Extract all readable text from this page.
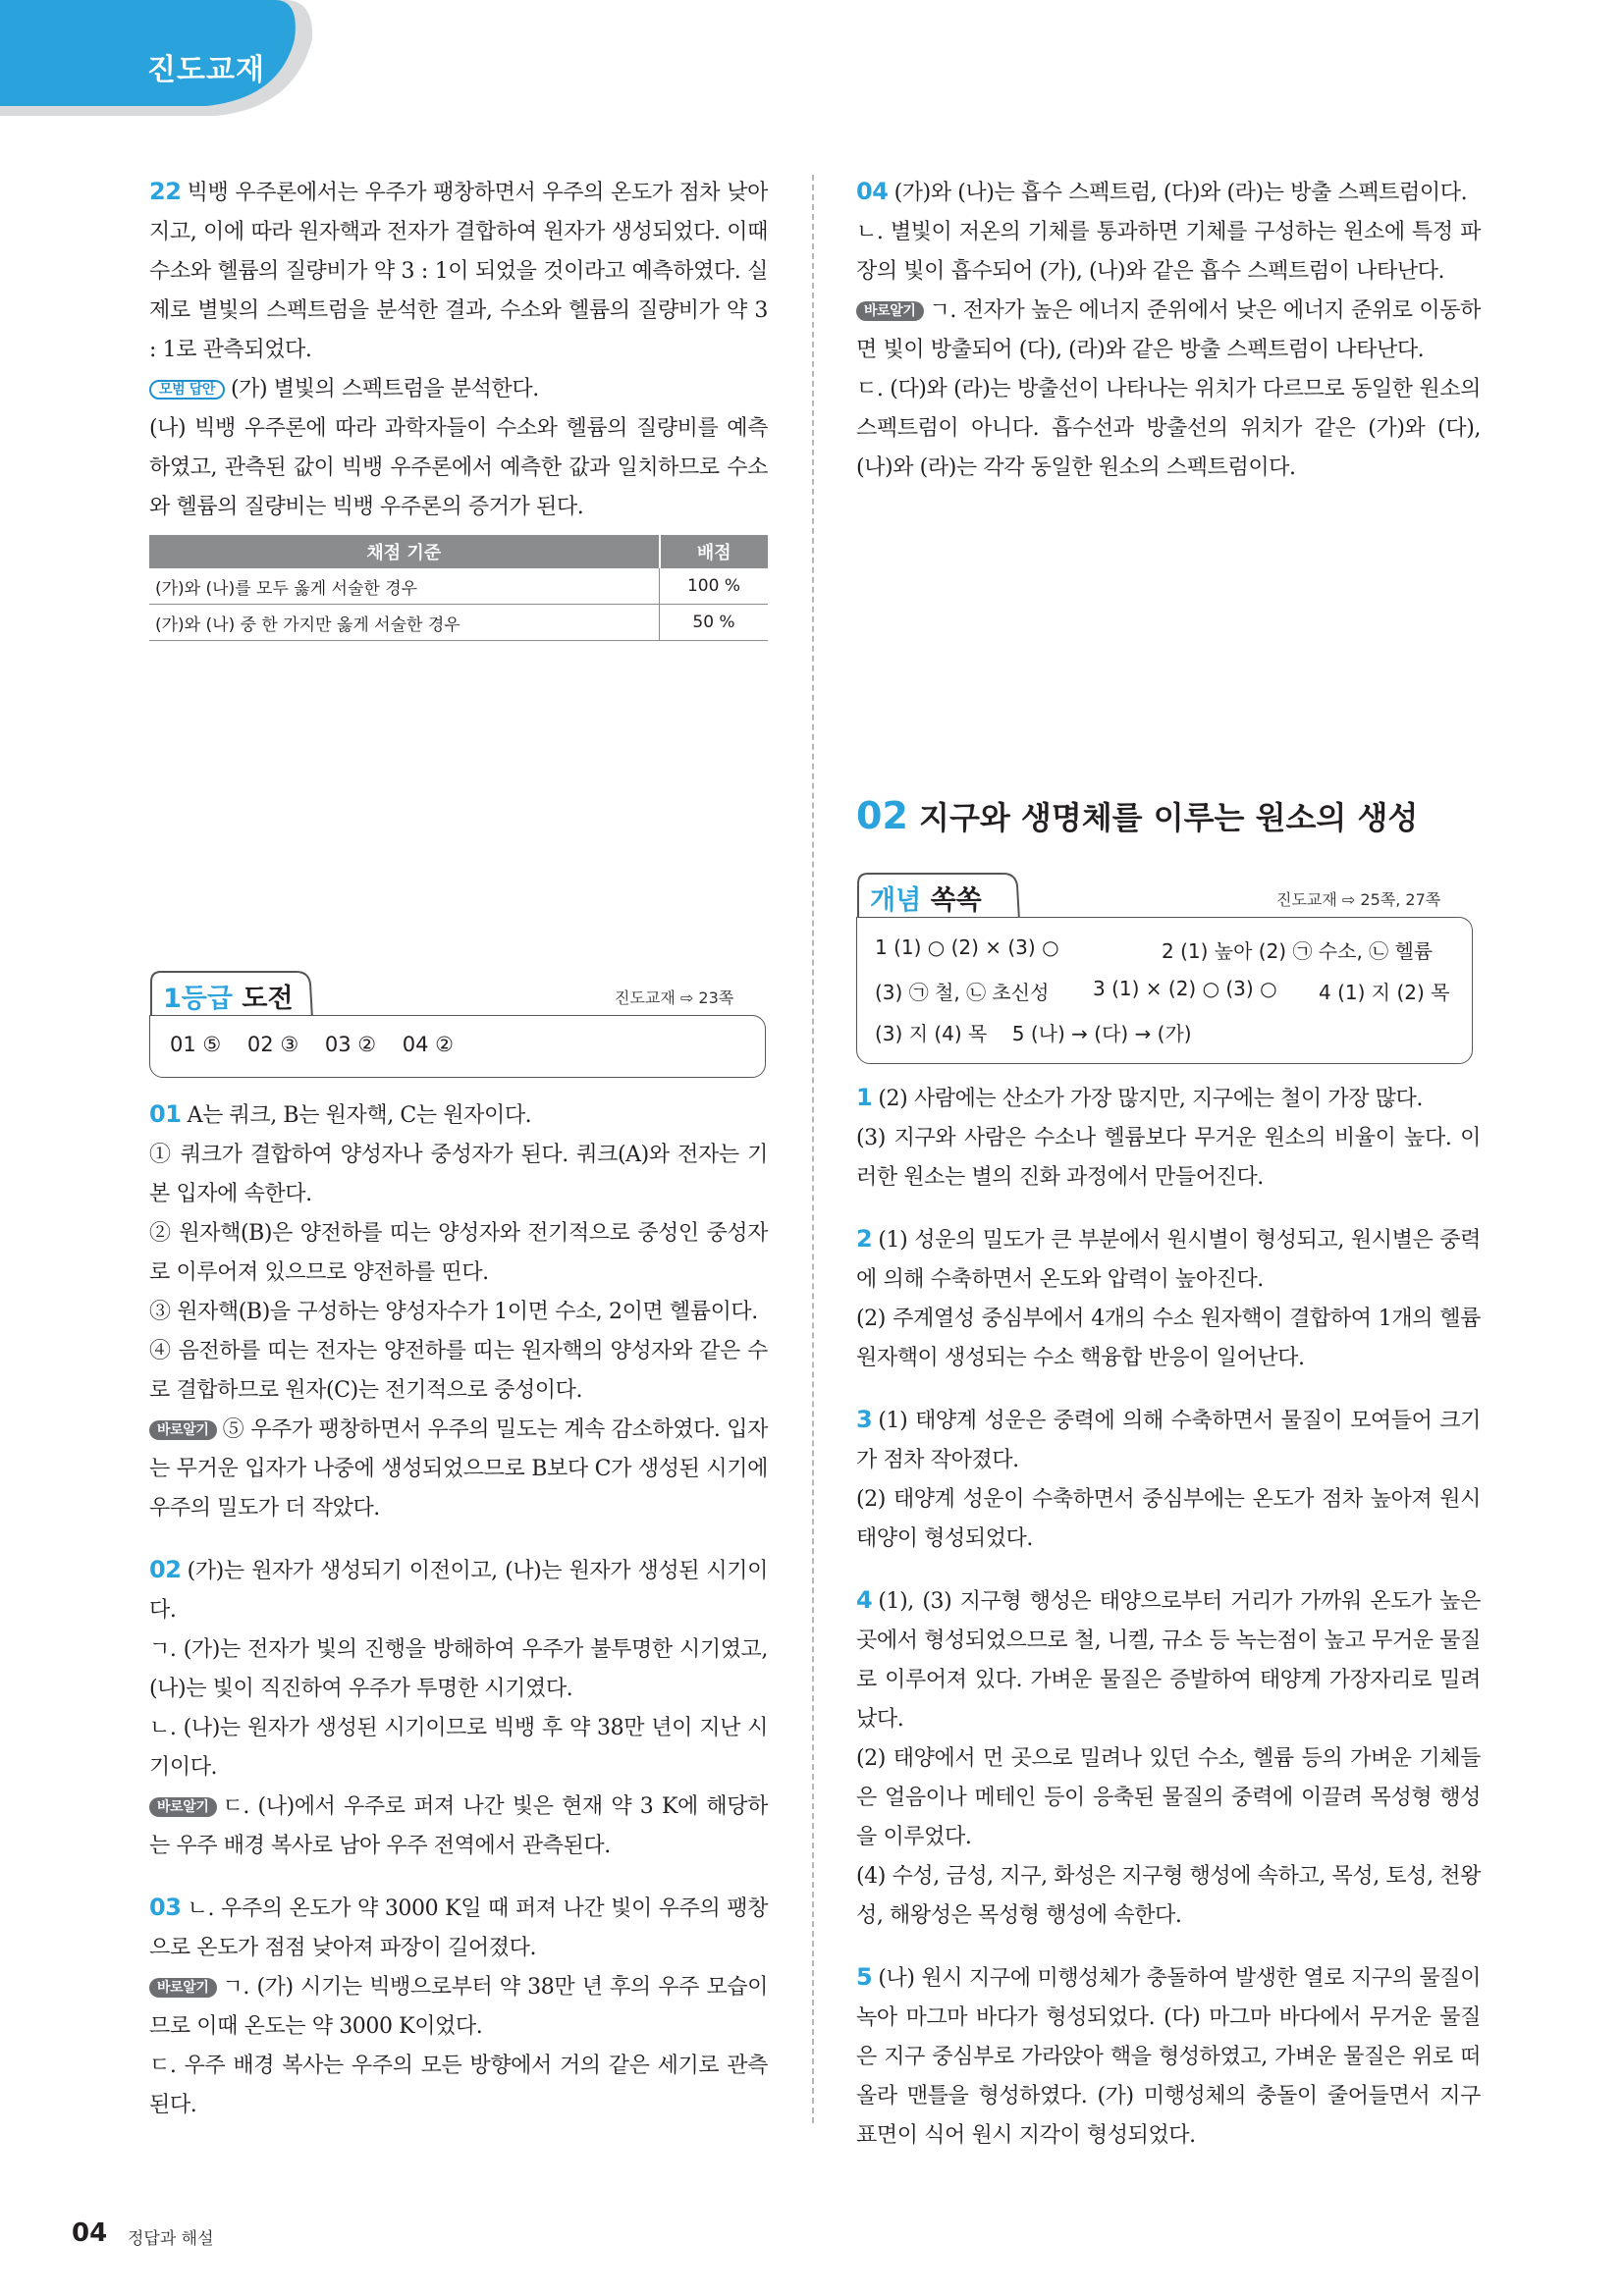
진도교재

22 빅뱅 우주론에서는 우주가 팽창하면서 우주의 온도가 점차 낮아지고, 이에 따라 원자핵과 전자가 결합하여 원자가 생성되었다. 이때 수소와 헬륨의 질량비가 약 3 : 1이 되었을 것이라고 예측하였다. 실제로 별빛의 스펙트럼을 분석한 결과, 수소와 헬륨의 질량비가 약 3 : 1로 관측되었다.

모범 답안 (가) 별빛의 스펙트럼을 분석한다.

(나) 빅뱅 우주론에 따라 과학자들이 수소와 헬륨의 질량비를 예측하였고, 관측된 값이 빅뱅 우주론에서 예측한 값과 일치하므로 수소와 헬륨의 질량비는 빅뱅 우주론의 증거가 된다.

채점 기준	배점
(가)와 (나)를 모두 옳게 서술한 경우	100 %
(가)와 (나) 중 한 가지만 옳게 서술한 경우	50 %
1등급 도전	진도교재 ⇨ 23쪽
01 ⑤    02 ③    03 ②    04 ②

01 A는 쿼크, B는 원자핵, C는 원자이다.

① 쿼크가 결합하여 양성자나 중성자가 된다. 쿼크(A)와 전자는 기본 입자에 속한다.

② 원자핵(B)은 양전하를 띠는 양성자와 전기적으로 중성인 중성자로 이루어져 있으므로 양전하를 띤다.

③ 원자핵(B)을 구성하는 양성자수가 1이면 수소, 2이면 헬륨이다.

④ 음전하를 띠는 전자는 양전하를 띠는 원자핵의 양성자와 같은 수로 결합하므로 원자(C)는 전기적으로 중성이다.

바로알기 ⑤ 우주가 팽창하면서 우주의 밀도는 계속 감소하였다. 입자는 무거운 입자가 나중에 생성되었으므로 B보다 C가 생성된 시기에 우주의 밀도가 더 작았다.

02 (가)는 원자가 생성되기 이전이고, (나)는 원자가 생성된 시기이다.

ㄱ. (가)는 전자가 빛의 진행을 방해하여 우주가 불투명한 시기였고, (나)는 빛이 직진하여 우주가 투명한 시기였다.

ㄴ. (나)는 원자가 생성된 시기이므로 빅뱅 후 약 38만 년이 지난 시기이다.

바로알기 ㄷ. (나)에서 우주로 퍼져 나간 빛은 현재 약 3 K에 해당하는 우주 배경 복사로 남아 우주 전역에서 관측된다.

03 ㄴ. 우주의 온도가 약 3000 K일 때 퍼져 나간 빛이 우주의 팽창으로 온도가 점점 낮아져 파장이 길어졌다.

바로알기 ㄱ. (가) 시기는 빅뱅으로부터 약 38만 년 후의 우주 모습이므로 이때 온도는 약 3000 K이었다.

ㄷ. 우주 배경 복사는 우주의 모든 방향에서 거의 같은 세기로 관측된다.

04 (가)와 (나)는 흡수 스펙트럼, (다)와 (라)는 방출 스펙트럼이다.

ㄴ. 별빛이 저온의 기체를 통과하면 기체를 구성하는 원소에 특정 파장의 빛이 흡수되어 (가), (나)와 같은 흡수 스펙트럼이 나타난다.

바로알기 ㄱ. 전자가 높은 에너지 준위에서 낮은 에너지 준위로 이동하면 빛이 방출되어 (다), (라)와 같은 방출 스펙트럼이 나타난다.

ㄷ. (다)와 (라)는 방출선이 나타나는 위치가 다르므로 동일한 원소의 스펙트럼이 아니다. 흡수선과 방출선의 위치가 같은 (가)와 (다), (나)와 (라)는 각각 동일한 원소의 스펙트럼이다.

02 지구와 생명체를 이루는 원소의 생성
개념 쏙쏙	진도교재 ⇨ 25쪽, 27쪽
1 (1) ○ (2) × (3) ○	2 (1) 높아 (2) ㉠ 수소, ㉡ 헬륨
(3) ㉠ 철, ㉡ 초신성 3 (1) × (2) ○ (3) ○ 4 (1) 지 (2) 목
(3) 지 (4) 목    5 (나) → (다) → (가)

1 (2) 사람에는 산소가 가장 많지만, 지구에는 철이 가장 많다.

(3) 지구와 사람은 수소나 헬륨보다 무거운 원소의 비율이 높다. 이러한 원소는 별의 진화 과정에서 만들어진다.

2 (1) 성운의 밀도가 큰 부분에서 원시별이 형성되고, 원시별은 중력에 의해 수축하면서 온도와 압력이 높아진다.

(2) 주계열성 중심부에서 4개의 수소 원자핵이 결합하여 1개의 헬륨 원자핵이 생성되는 수소 핵융합 반응이 일어난다.

3 (1) 태양계 성운은 중력에 의해 수축하면서 물질이 모여들어 크기가 점차 작아졌다.

(2) 태양계 성운이 수축하면서 중심부에는 온도가 점차 높아져 원시 태양이 형성되었다.

4 (1), (3) 지구형 행성은 태양으로부터 거리가 가까워 온도가 높은 곳에서 형성되었으므로 철, 니켈, 규소 등 녹는점이 높고 무거운 물질로 이루어져 있다. 가벼운 물질은 증발하여 태양계 가장자리로 밀려났다.

(2) 태양에서 먼 곳으로 밀려나 있던 수소, 헬륨 등의 가벼운 기체들은 얼음이나 메테인 등이 응축된 물질의 중력에 이끌려 목성형 행성을 이루었다.

(4) 수성, 금성, 지구, 화성은 지구형 행성에 속하고, 목성, 토성, 천왕성, 해왕성은 목성형 행성에 속한다.

5 (나) 원시 지구에 미행성체가 충돌하여 발생한 열로 지구의 물질이 녹아 마그마 바다가 형성되었다. (다) 마그마 바다에서 무거운 물질은 지구 중심부로 가라앉아 핵을 형성하였고, 가벼운 물질은 위로 떠올라 맨틀을 형성하였다. (가) 미행성체의 충돌이 줄어들면서 지구 표면이 식어 원시 지각이 형성되었다.

04 정답과 해설
